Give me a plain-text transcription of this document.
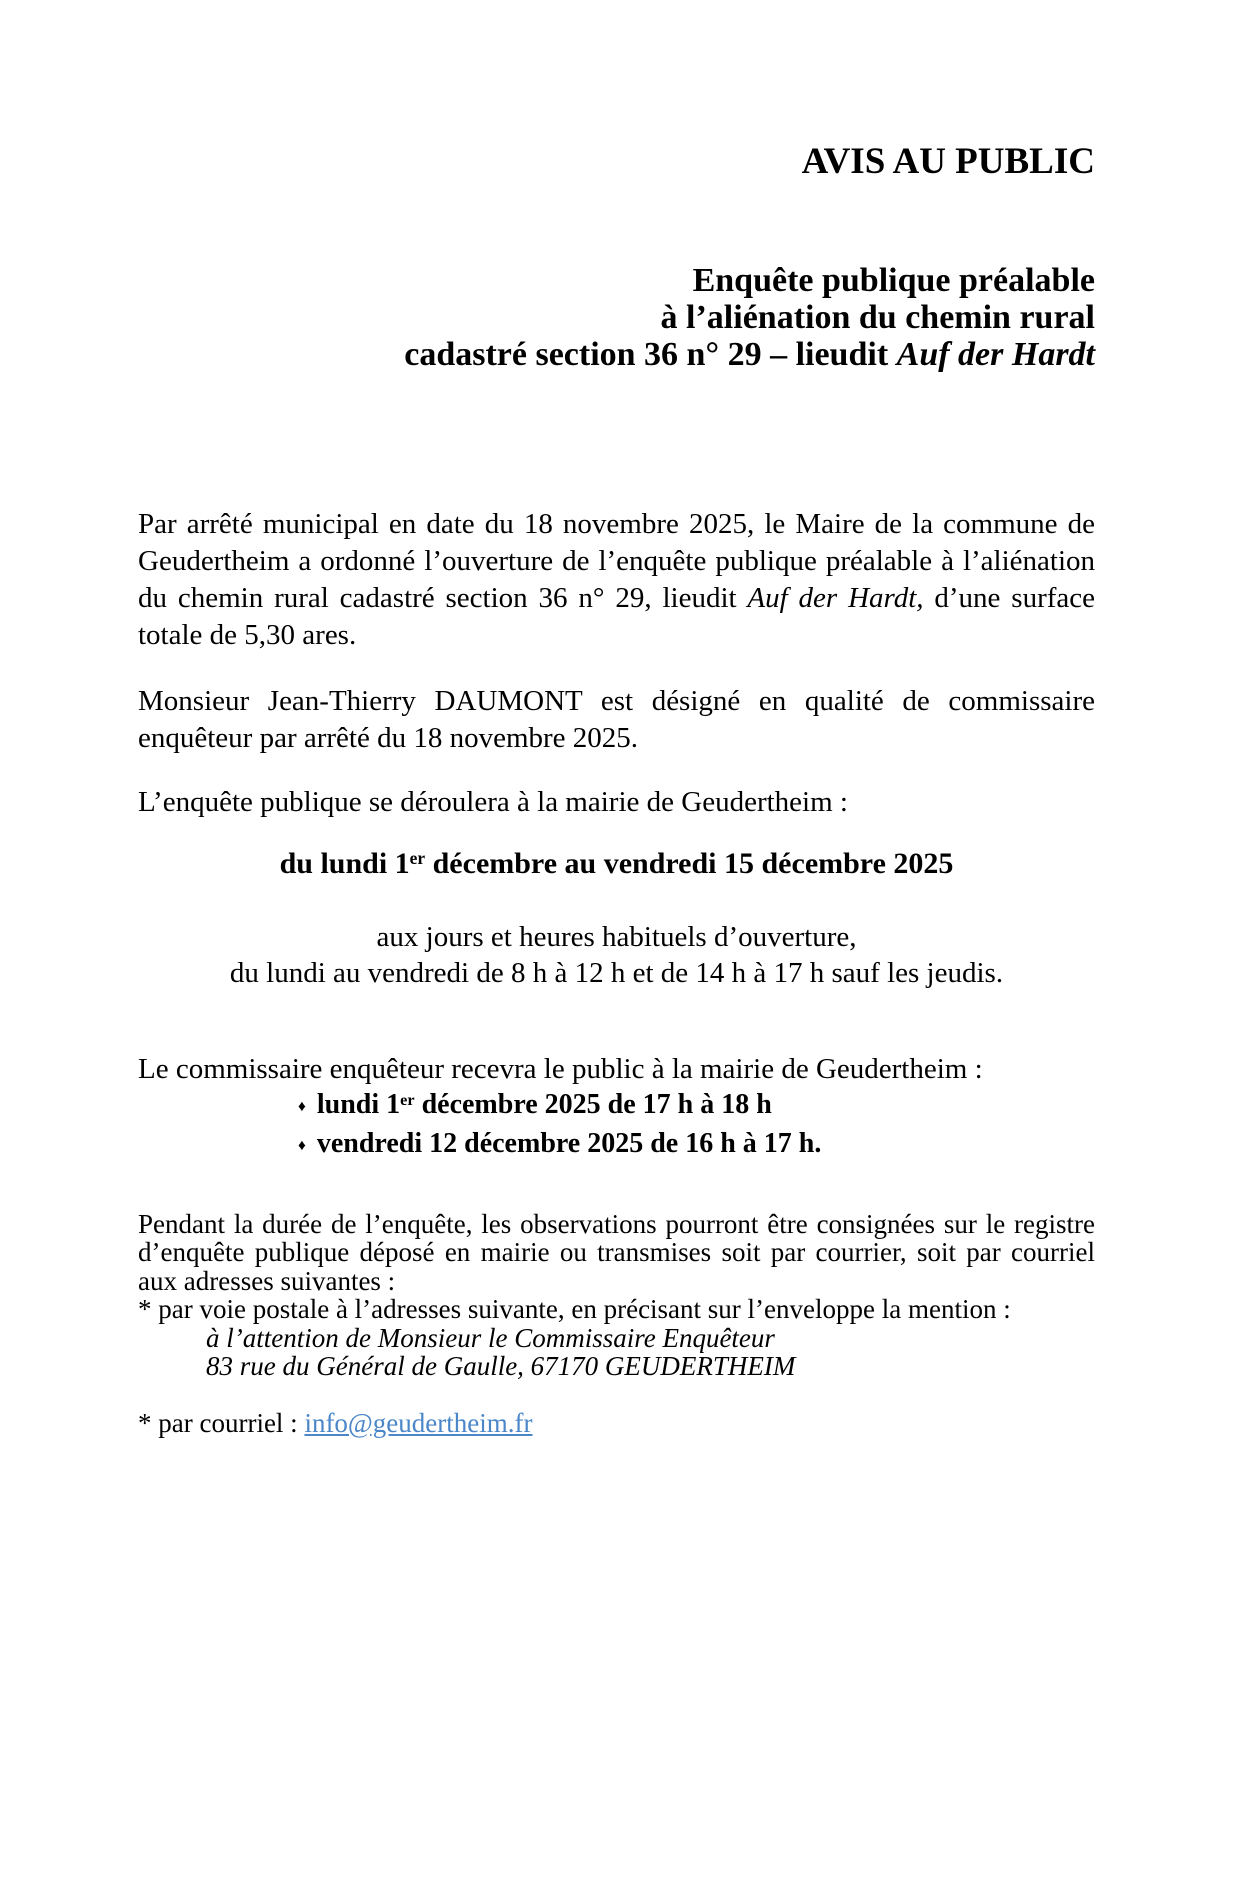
AVIS AU PUBLIC
Enquête publique préalable
à l’aliénation du chemin rural
cadastré section 36 n° 29 – lieudit Auf der Hardt

Par arrêté municipal en date du 18 novembre 2025, le Maire de la commune de Geudertheim a ordonné l’ouverture de l’enquête publique préalable à l’aliénation du chemin rural cadastré section 36 n° 29, lieudit Auf der Hardt, d’une surface totale de 5,30 ares.

Monsieur Jean-Thierry DAUMONT est désigné en qualité de commissaire enquêteur par arrêté du 18 novembre 2025.

L’enquête publique se déroulera à la mairie de Geudertheim :

du lundi 1er décembre au vendredi 15 décembre 2025
aux jours et heures habituels d’ouverture,
du lundi au vendredi de 8 h à 12 h et de 14 h à 17 h sauf les jeudis.

Le commissaire enquêteur recevra le public à la mairie de Geudertheim :

♦ lundi 1er décembre 2025 de 17 h à 18 h
♦ vendredi 12 décembre 2025 de 16 h à 17 h.

Pendant la durée de l’enquête, les observations pourront être consignées sur le registre d’enquête publique déposé en mairie ou transmises soit par courrier, soit par courriel aux adresses suivantes :

* par voie postale à l’adresses suivante, en précisant sur l’enveloppe la mention :

à l’attention de Monsieur le Commissaire Enquêteur
83 rue du Général de Gaulle, 67170 GEUDERTHEIM

* par courriel : info@geudertheim.fr
